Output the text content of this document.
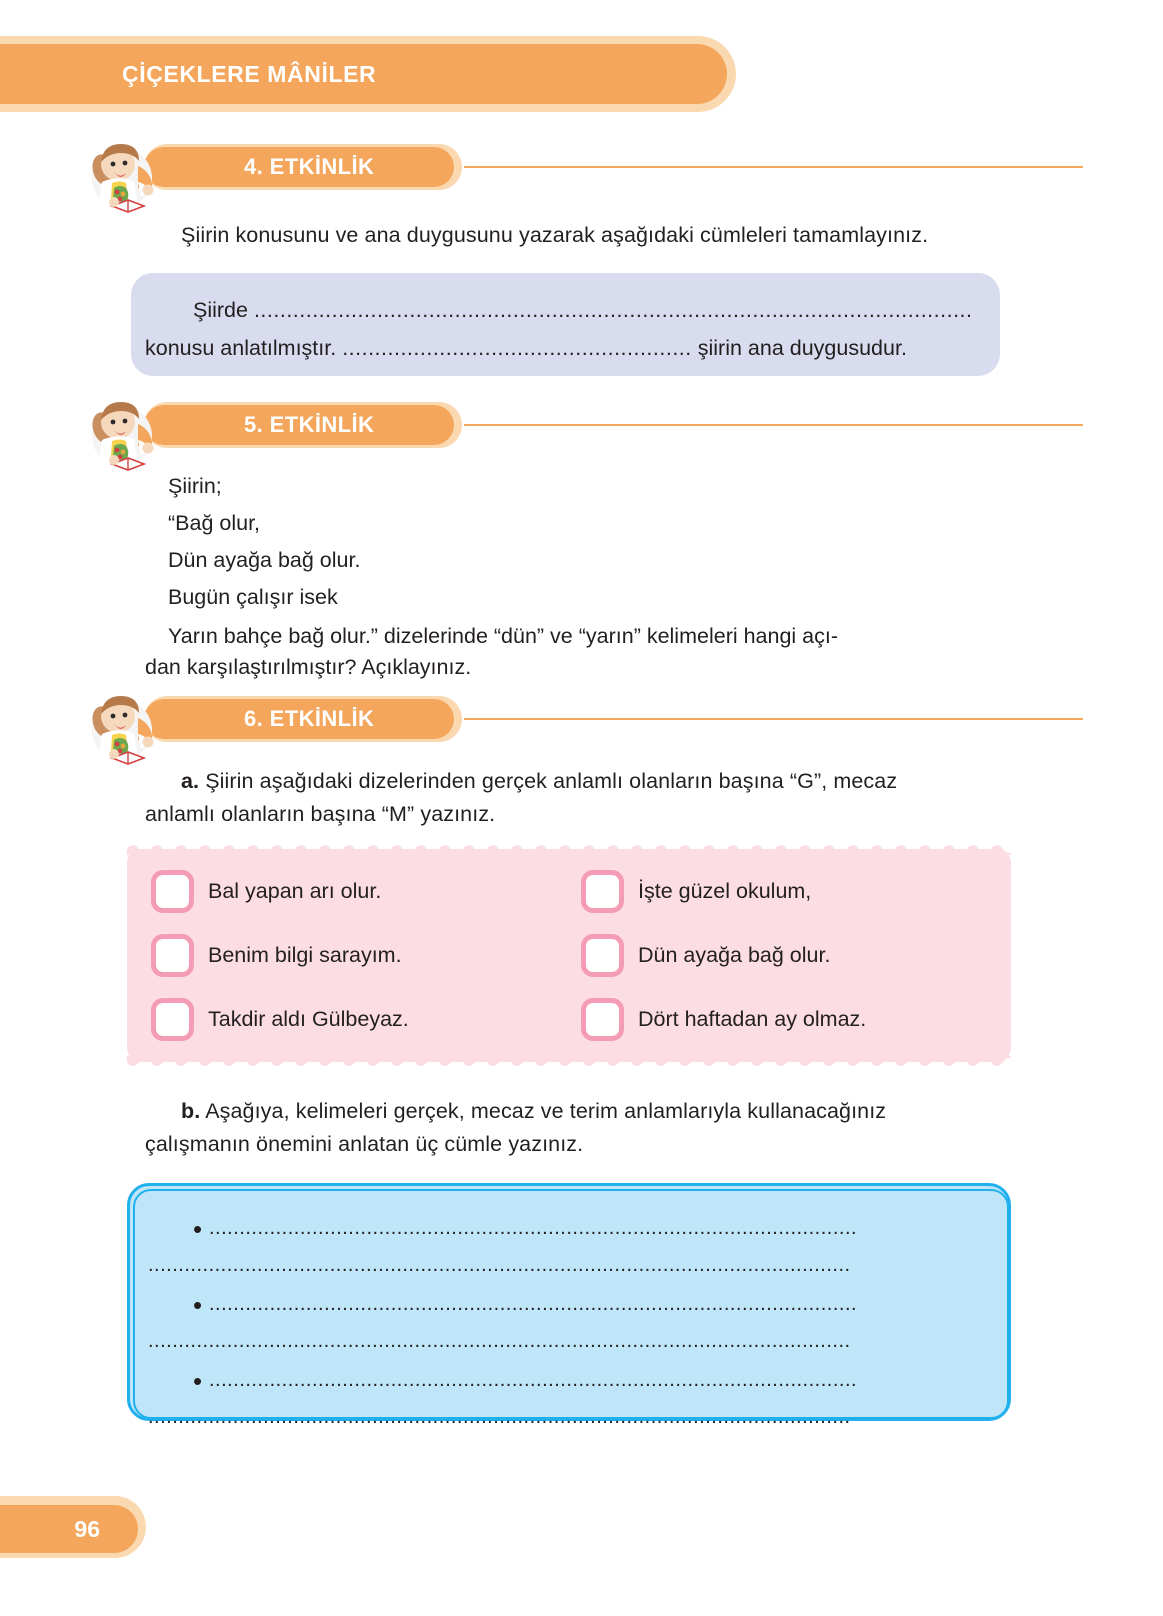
ÇİÇEKLERE MÂNİLER
4. ETKİNLİK
Şiirin konusunu ve ana duygusunu yazarak aşağıdaki cümleleri tamamlayınız.
Şiirde ...............................................................................................................
konusu anlatılmıştır. ...................................................... şiirin ana duygusudur.
5. ETKİNLİK
Şiirin;
“Bağ olur,
Dün ayağa bağ olur.
Bugün çalışır isek
Yarın bahçe bağ olur.” dizelerinde “dün” ve “yarın” kelimeleri hangi açı-
dan karşılaştırılmıştır? Açıklayınız.
6. ETKİNLİK
a. Şiirin aşağıdaki dizelerinden gerçek anlamlı olanların başına “G”, mecaz
anlamlı olanların başına “M” yazınız.
Bal yapan arı olur.	İşte güzel okulum,
Benim bilgi sarayım.	Dün ayağa bağ olur.
Takdir aldı Gülbeyaz.	Dört haftadan ay olmaz.
b. Aşağıya, kelimeleri gerçek, mecaz ve terim anlamlarıyla kullanacağınız
çalışmanın önemini anlatan üç cümle yazınız.
• ...........................................................................................................
....................................................................................................................
• ...........................................................................................................
....................................................................................................................
• ...........................................................................................................
....................................................................................................................
96
